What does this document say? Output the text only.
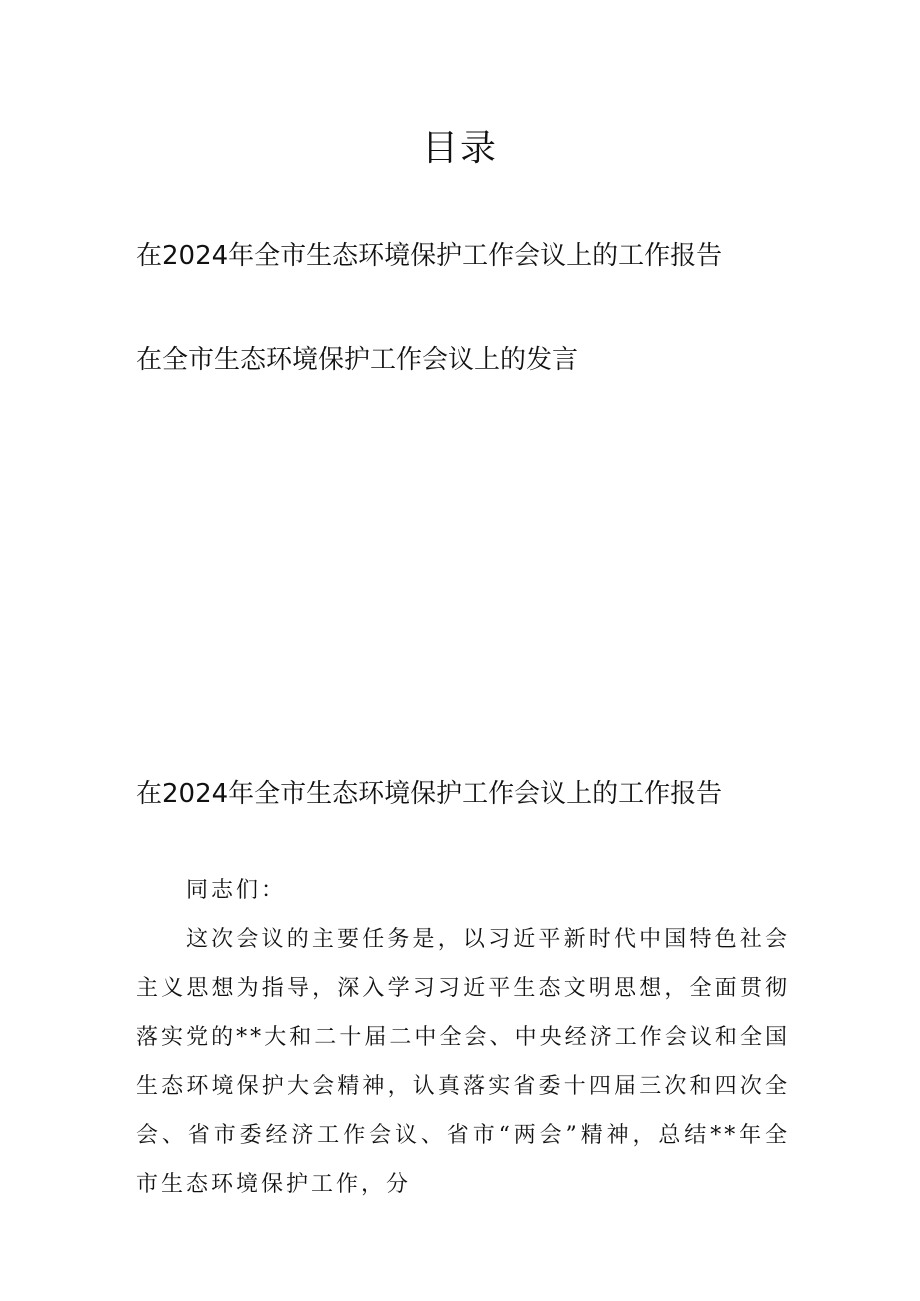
目录
在2024年全市生态环境保护工作会议上的工作报告
在全市生态环境保护工作会议上的发言
在2024年全市生态环境保护工作会议上的工作报告

同志们：

这次会议的主要任务是，以习近平新时代中国特色社会主义思想为指导，深入学习习近平生态文明思想，全面贯彻落实党的**大和二十届二中全会、中央经济工作会议和全国生态环境保护大会精神，认真落实省委十四届三次和四次全会、省市委经济工作会议、省市“两会”精神，总结**年全市生态环境保护工作，分
